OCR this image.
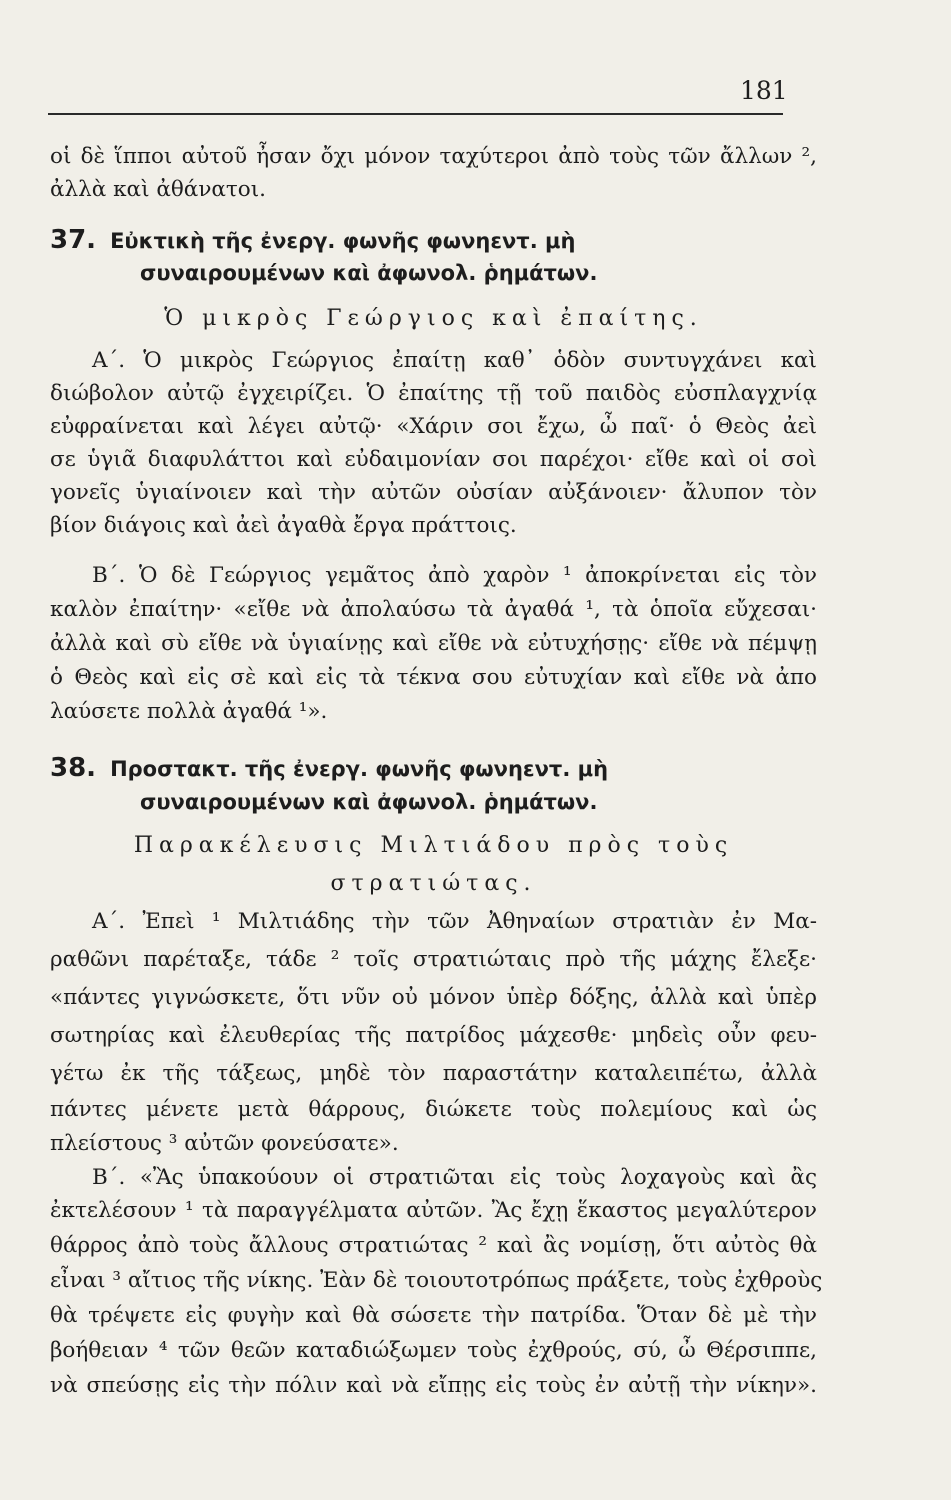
181
οἱ δὲ ἵπποι αὐτοῦ ἦσαν ὄχι μόνον ταχύτεροι ἀπὸ τοὺς τῶν ἄλλων ²,
ἀλλὰ καὶ ἀθάνατοι.
37. Εὐκτικὴ τῆς ἐνεργ. φωνῆς φωνηεντ. μὴ
συναιρουμένων καὶ ἀφωνολ. ῥημάτων.
Ὁ μικρὸς Γεώργιος καὶ ἐπαίτης.
Α΄. Ὁ μικρὸς Γεώργιος ἐπαίτῃ καθ᾽ ὁδὸν συντυγχάνει καὶ
διώβολον αὐτῷ ἐγχειρίζει. Ὁ ἐπαίτης τῇ τοῦ παιδὸς εὐσπλαγχνίᾳ
εὐφραίνεται καὶ λέγει αὐτῷ· «Χάριν σοι ἔχω, ὦ παῖ· ὁ Θεὸς ἀεὶ
σε ὑγιᾶ διαφυλάττοι καὶ εὐδαιμονίαν σοι παρέχοι· εἴθε καὶ οἱ σοὶ
γονεῖς ὑγιαίνοιεν καὶ τὴν αὐτῶν οὐσίαν αὐξάνοιεν· ἄλυπον τὸν
βίον διάγοις καὶ ἀεὶ ἀγαθὰ ἔργα πράττοις.
Β΄. Ὁ δὲ Γεώργιος γεμᾶτος ἀπὸ χαρὸν ¹ ἀποκρίνεται εἰς τὸν
καλὸν ἐπαίτην· «εἴθε νὰ ἀπολαύσω τὰ ἀγαθά ¹, τὰ ὁποῖα εὔχεσαι·
ἀλλὰ καὶ σὺ εἴθε νὰ ὑγιαίνῃς καὶ εἴθε νὰ εὐτυχήσῃς· εἴθε νὰ πέμψῃ
ὁ Θεὸς καὶ εἰς σὲ καὶ εἰς τὰ τέκνα σου εὐτυχίαν καὶ εἴθε νὰ ἀπο
λαύσετε πολλὰ ἀγαθά ¹».
38. Προστακτ. τῆς ἐνεργ. φωνῆς φωνηεντ. μὴ
συναιρουμένων καὶ ἀφωνολ. ῥημάτων.
Παρακέλευσις Μιλτιάδου πρὸς τοὺς
στρατιώτας.
Α΄. Ἐπεὶ ¹ Μιλτιάδης τὴν τῶν Ἀθηναίων στρατιὰν ἐν Μα-
ραθῶνι παρέταξε, τάδε ² τοῖς στρατιώταις πρὸ τῆς μάχης ἔλεξε·
«πάντες γιγνώσκετε, ὅτι νῦν οὐ μόνον ὑπὲρ δόξης, ἀλλὰ καὶ ὑπὲρ
σωτηρίας καὶ ἐλευθερίας τῆς πατρίδος μάχεσθε· μηδεὶς οὖν φευ-
γέτω ἐκ τῆς τάξεως, μηδὲ τὸν παραστάτην καταλειπέτω, ἀλλὰ
πάντες μένετε μετὰ θάρρους, διώκετε τοὺς πολεμίους καὶ ὡς
πλείστους ³ αὐτῶν φονεύσατε».
Β΄. «Ἂς ὑπακούουν οἱ στρατιῶται εἰς τοὺς λοχαγοὺς καὶ ἂς
ἐκτελέσουν ¹ τὰ παραγγέλματα αὐτῶν. Ἂς ἔχῃ ἕκαστος μεγαλύτερον
θάρρος ἀπὸ τοὺς ἄλλους στρατιώτας ² καὶ ἂς νομίσῃ, ὅτι αὐτὸς θὰ
εἶναι ³ αἴτιος τῆς νίκης. Ἐὰν δὲ τοιουτοτρόπως πράξετε, τοὺς ἐχθροὺς
θὰ τρέψετε εἰς φυγὴν καὶ θὰ σώσετε τὴν πατρίδα. Ὅταν δὲ μὲ τὴν
βοήθειαν ⁴ τῶν θεῶν καταδιώξωμεν τοὺς ἐχθρούς, σύ, ὦ Θέρσιππε,
νὰ σπεύσῃς εἰς τὴν πόλιν καὶ νὰ εἴπῃς εἰς τοὺς ἐν αὐτῇ τὴν νίκην».
